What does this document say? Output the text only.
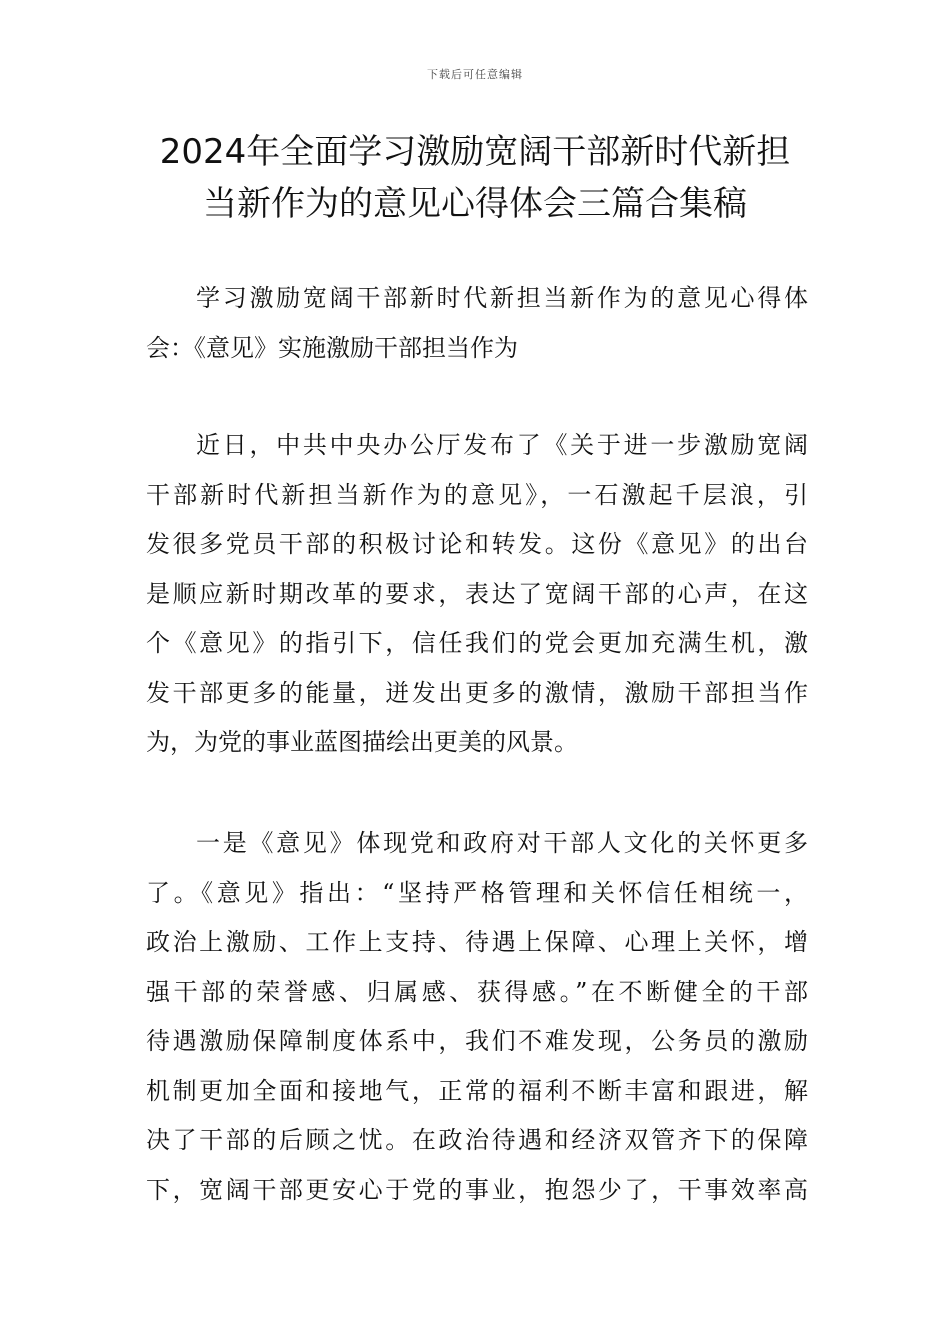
下载后可任意编辑
2024年全面学习激励宽阔干部新时代新担
当新作为的意见心得体会三篇合集稿
学习激励宽阔干部新时代新担当新作为的意见心得体
会：《意见》实施激励干部担当作为
近日，中共中央办公厅发布了《关于进一步激励宽阔
干部新时代新担当新作为的意见》，一石激起千层浪，引
发很多党员干部的积极讨论和转发。这份《意见》的出台
是顺应新时期改革的要求，表达了宽阔干部的心声，在这
个《意见》的指引下，信任我们的党会更加充满生机，激
发干部更多的能量，迸发出更多的激情，激励干部担当作
为，为党的事业蓝图描绘出更美的风景。
一是《意见》体现党和政府对干部人文化的关怀更多
了。《意见》指出：“坚持严格管理和关怀信任相统一，
政治上激励、工作上支持、待遇上保障、心理上关怀，增
强干部的荣誉感、归属感、获得感。”在不断健全的干部
待遇激励保障制度体系中，我们不难发现，公务员的激励
机制更加全面和接地气，正常的福利不断丰富和跟进，解
决了干部的后顾之忧。在政治待遇和经济双管齐下的保障
下，宽阔干部更安心于党的事业，抱怨少了，干事效率高
